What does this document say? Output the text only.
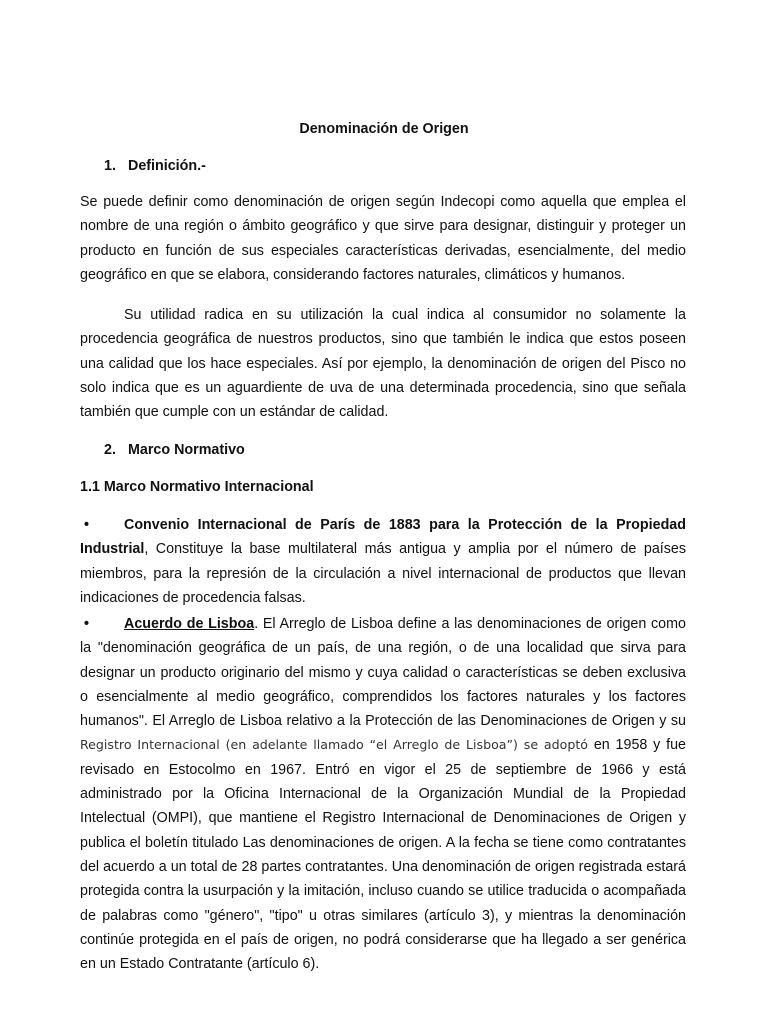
Denominación de Origen
1. Definición.-

Se puede definir como denominación de origen según Indecopi como aquella que emplea el nombre de una región o ámbito geográfico y que sirve para designar, distinguir y proteger un producto en función de sus especiales características derivadas, esencialmente, del medio geográfico en que se elabora, considerando factores naturales, climáticos y humanos.

Su utilidad radica en su utilización la cual indica al consumidor no solamente la procedencia geográfica de nuestros productos, sino que también le indica que estos poseen una calidad que los hace especiales. Así por ejemplo, la denominación de origen del Pisco no solo indica que es un aguardiente de uva de una determinada procedencia, sino que señala también que cumple con un estándar de calidad.

2. Marco Normativo
1.1 Marco Normativo Internacional
•	Convenio Internacional de París de 1883 para la Protección de la Propiedad Industrial, Constituye la base multilateral más antigua y amplia por el número de países miembros, para la represión de la circulación a nivel internacional de productos que llevan indicaciones de procedencia falsas.

•	Acuerdo de Lisboa. El Arreglo de Lisboa define a las denominaciones de origen como la "denominación geográfica de un país, de una región, o de una localidad que sirva para designar un producto originario del mismo y cuya calidad o características se deben exclusiva o esencialmente al medio geográfico, comprendidos los factores naturales y los factores humanos". El Arreglo de Lisboa relativo a la Protección de las Denominaciones de Origen y su Registro Internacional (en adelante llamado “el Arreglo de Lisboa”) se adoptó en 1958 y fue revisado en Estocolmo en 1967. Entró en vigor el 25 de septiembre de 1966 y está administrado por la Oficina Internacional de la Organización Mundial de la Propiedad Intelectual (OMPI), que mantiene el Registro Internacional de Denominaciones de Origen y publica el boletín titulado Las denominaciones de origen. A la fecha se tiene como contratantes del acuerdo a un total de 28 partes contratantes. Una denominación de origen registrada estará protegida contra la usurpación y la imitación, incluso cuando se utilice traducida o acompañada de palabras como "género", "tipo" u otras similares (artículo 3), y mientras la denominación continúe protegida en el país de origen, no podrá considerarse que ha llegado a ser genérica en un Estado Contratante (artículo 6).
